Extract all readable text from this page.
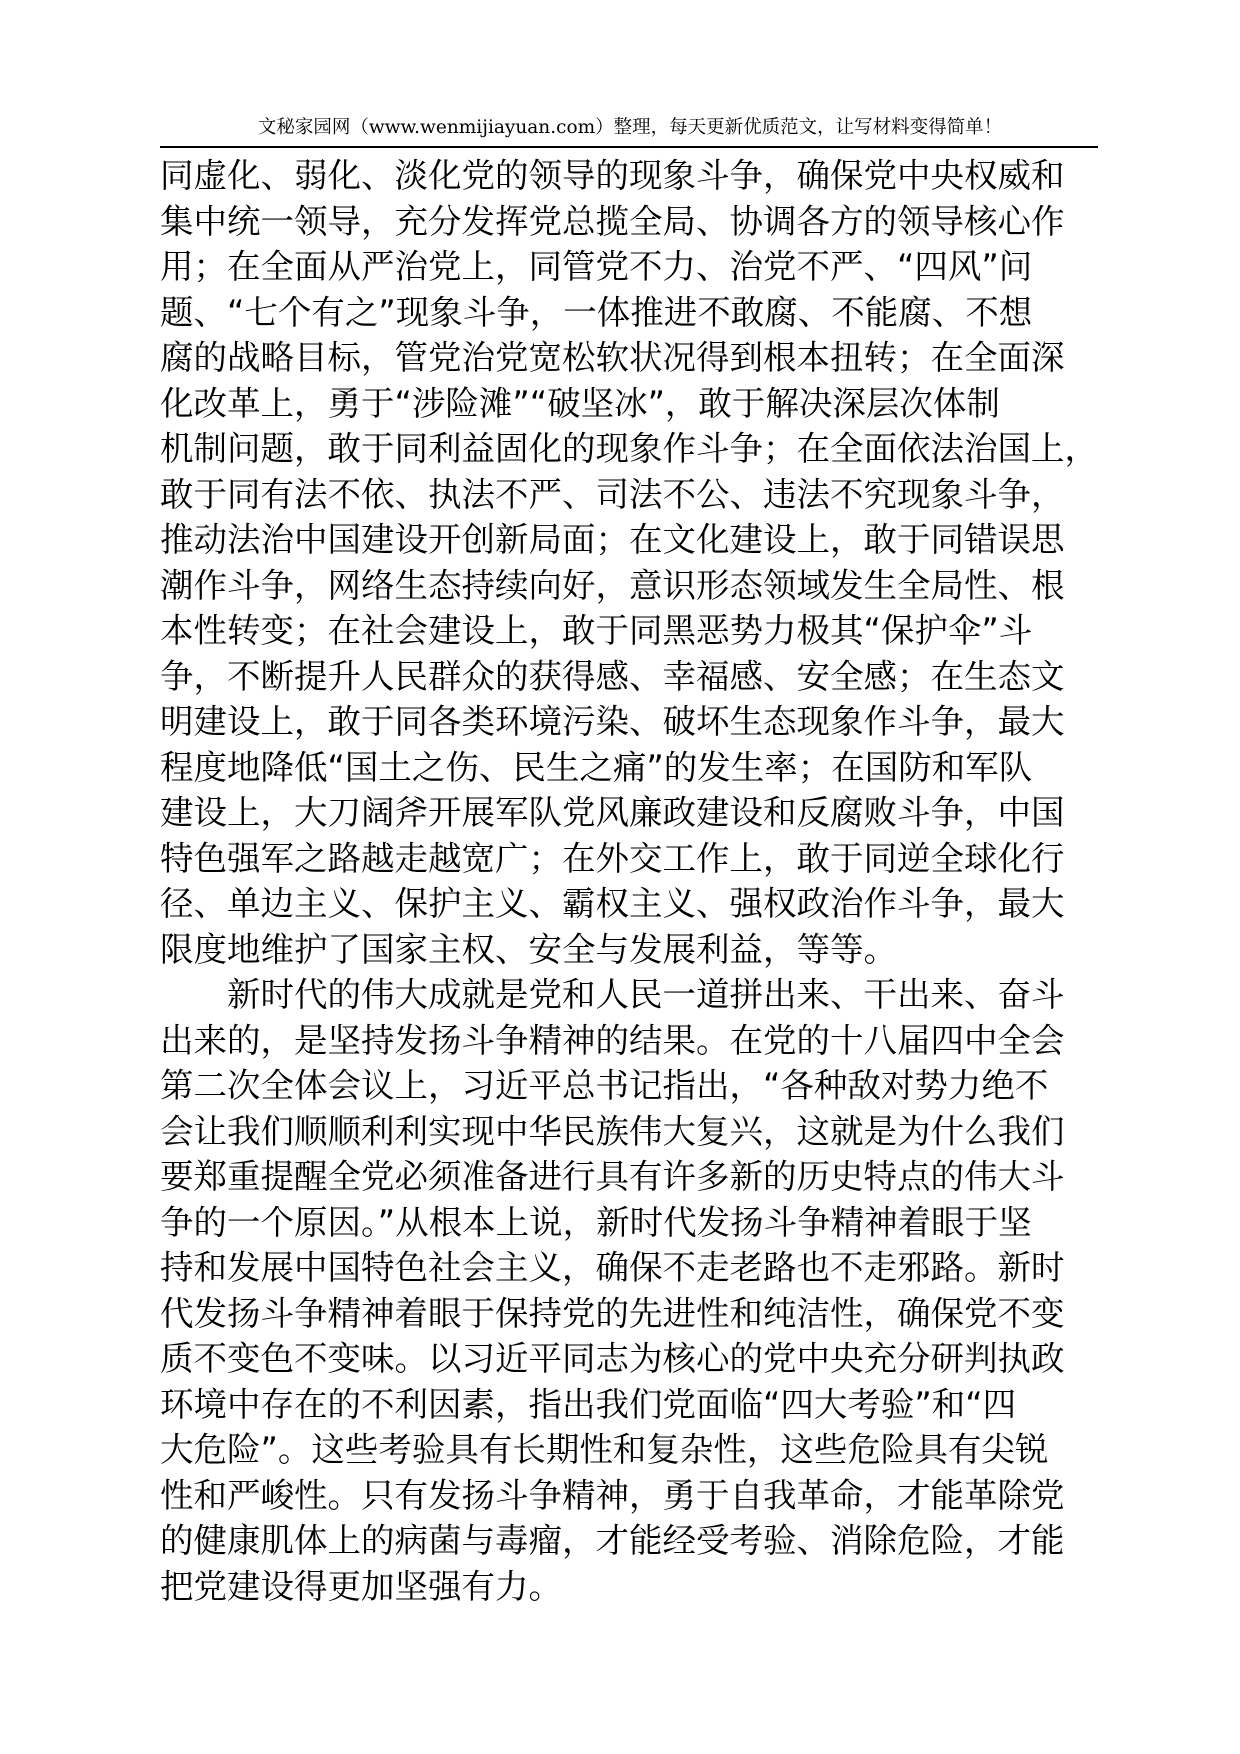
文秘家园网（www.wenmijiayuan.com）整理，每天更新优质范文，让写材料变得简单！
同虚化、弱化、淡化党的领导的现象斗争，确保党中央权威和
集中统一领导，充分发挥党总揽全局、协调各方的领导核心作
用；在全面从严治党上，同管党不力、治党不严、“四风”问
题、“七个有之”现象斗争，一体推进不敢腐、不能腐、不想
腐的战略目标，管党治党宽松软状况得到根本扭转；在全面深
化改革上，勇于“涉险滩”“破坚冰”，敢于解决深层次体制
机制问题，敢于同利益固化的现象作斗争；在全面依法治国上，
敢于同有法不依、执法不严、司法不公、违法不究现象斗争，
推动法治中国建设开创新局面；在文化建设上，敢于同错误思
潮作斗争，网络生态持续向好，意识形态领域发生全局性、根
本性转变；在社会建设上，敢于同黑恶势力极其“保护伞”斗
争，不断提升人民群众的获得感、幸福感、安全感；在生态文
明建设上，敢于同各类环境污染、破坏生态现象作斗争，最大
程度地降低“国土之伤、民生之痛”的发生率；在国防和军队
建设上，大刀阔斧开展军队党风廉政建设和反腐败斗争，中国
特色强军之路越走越宽广；在外交工作上，敢于同逆全球化行
径、单边主义、保护主义、霸权主义、强权政治作斗争，最大
限度地维护了国家主权、安全与发展利益，等等。
新时代的伟大成就是党和人民一道拼出来、干出来、奋斗
出来的，是坚持发扬斗争精神的结果。在党的十八届四中全会
第二次全体会议上，习近平总书记指出，“各种敌对势力绝不
会让我们顺顺利利实现中华民族伟大复兴，这就是为什么我们
要郑重提醒全党必须准备进行具有许多新的历史特点的伟大斗
争的一个原因。”从根本上说，新时代发扬斗争精神着眼于坚
持和发展中国特色社会主义，确保不走老路也不走邪路。新时
代发扬斗争精神着眼于保持党的先进性和纯洁性，确保党不变
质不变色不变味。以习近平同志为核心的党中央充分研判执政
环境中存在的不利因素，指出我们党面临“四大考验”和“四
大危险”。这些考验具有长期性和复杂性，这些危险具有尖锐
性和严峻性。只有发扬斗争精神，勇于自我革命，才能革除党
的健康肌体上的病菌与毒瘤，才能经受考验、消除危险，才能
把党建设得更加坚强有力。
